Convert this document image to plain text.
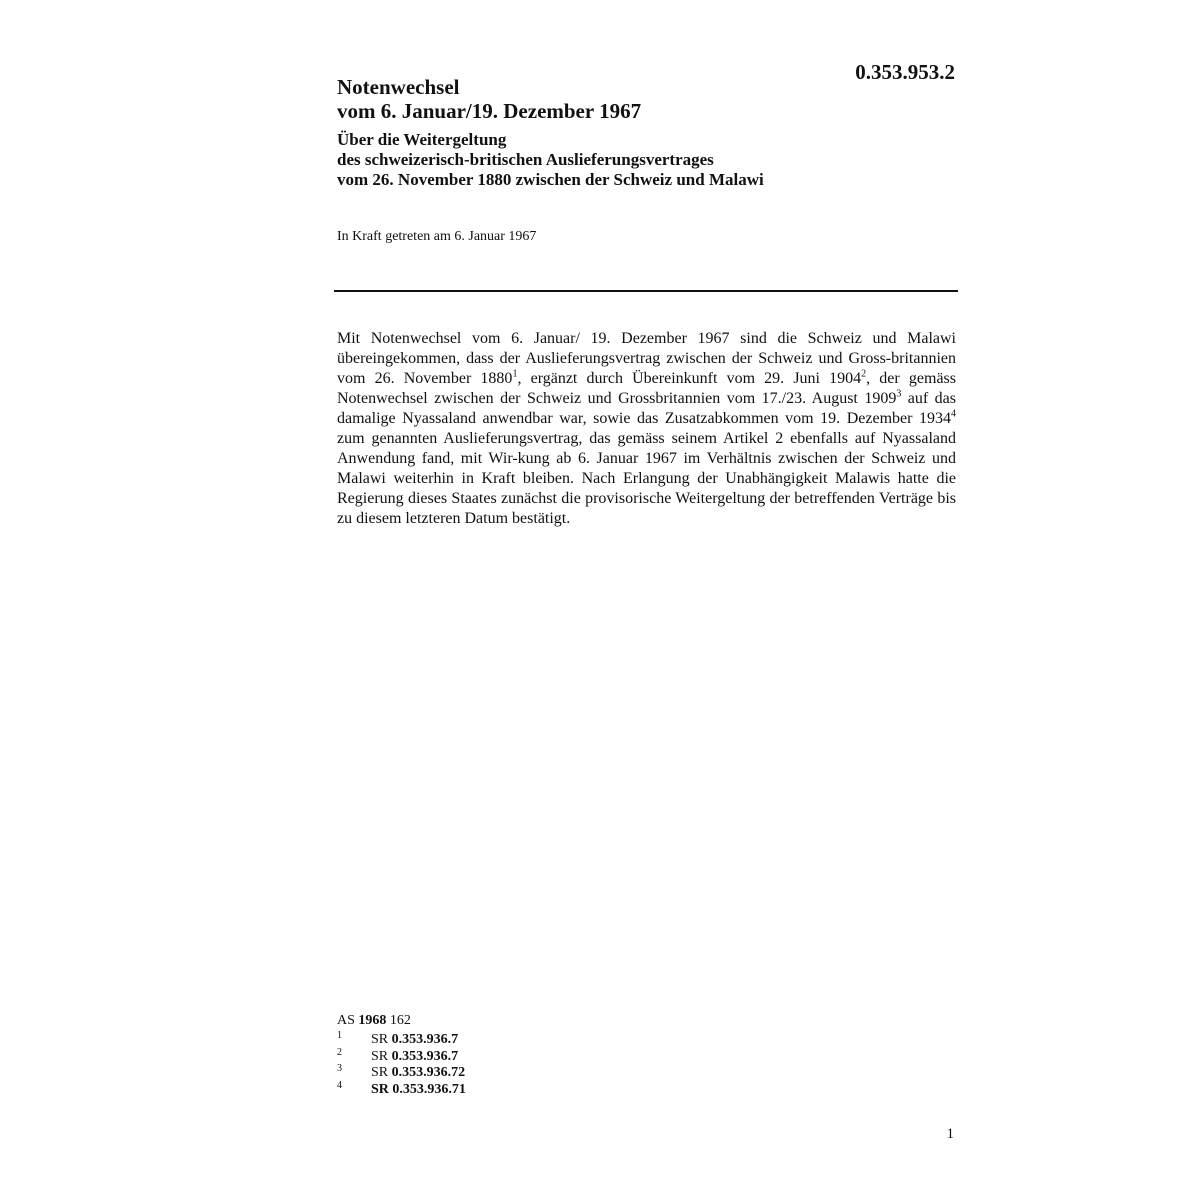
0.353.953.2
Notenwechsel
vom 6. Januar/19. Dezember 1967
Über die Weitergeltung
des schweizerisch-britischen Auslieferungsvertrages
vom 26. November 1880 zwischen der Schweiz und Malawi
In Kraft getreten am 6. Januar 1967

Mit Notenwechsel vom 6. Januar/ 19. Dezember 1967 sind die Schweiz und Malawi übereingekommen, dass der Auslieferungsvertrag zwischen der Schweiz und Gross-britannien vom 26. November 1880$^1$, ergänzt durch Übereinkunft vom 29. Juni 1904$^2$, der gemäss Notenwechsel zwischen der Schweiz und Grossbritannien vom 17./23. August 1909$^3$ auf das damalige Nyassaland anwendbar war, sowie das Zusatzabkommen vom 19. Dezember 1934$^4$ zum genannten Auslieferungsvertrag, das gemäss seinem Artikel 2 ebenfalls auf Nyassaland Anwendung fand, mit Wir-kung ab 6. Januar 1967 im Verhältnis zwischen der Schweiz und Malawi weiterhin in Kraft bleiben. Nach Erlangung der Unabhängigkeit Malawis hatte die Regierung dieses Staates zunächst die provisorische Weitergeltung der betreffenden Verträge bis zu diesem letzteren Datum bestätigt.

AS 1968 162
1 SR 0.353.936.7
2 SR 0.353.936.7
3 SR 0.353.936.72
4 SR 0.353.936.71
1
